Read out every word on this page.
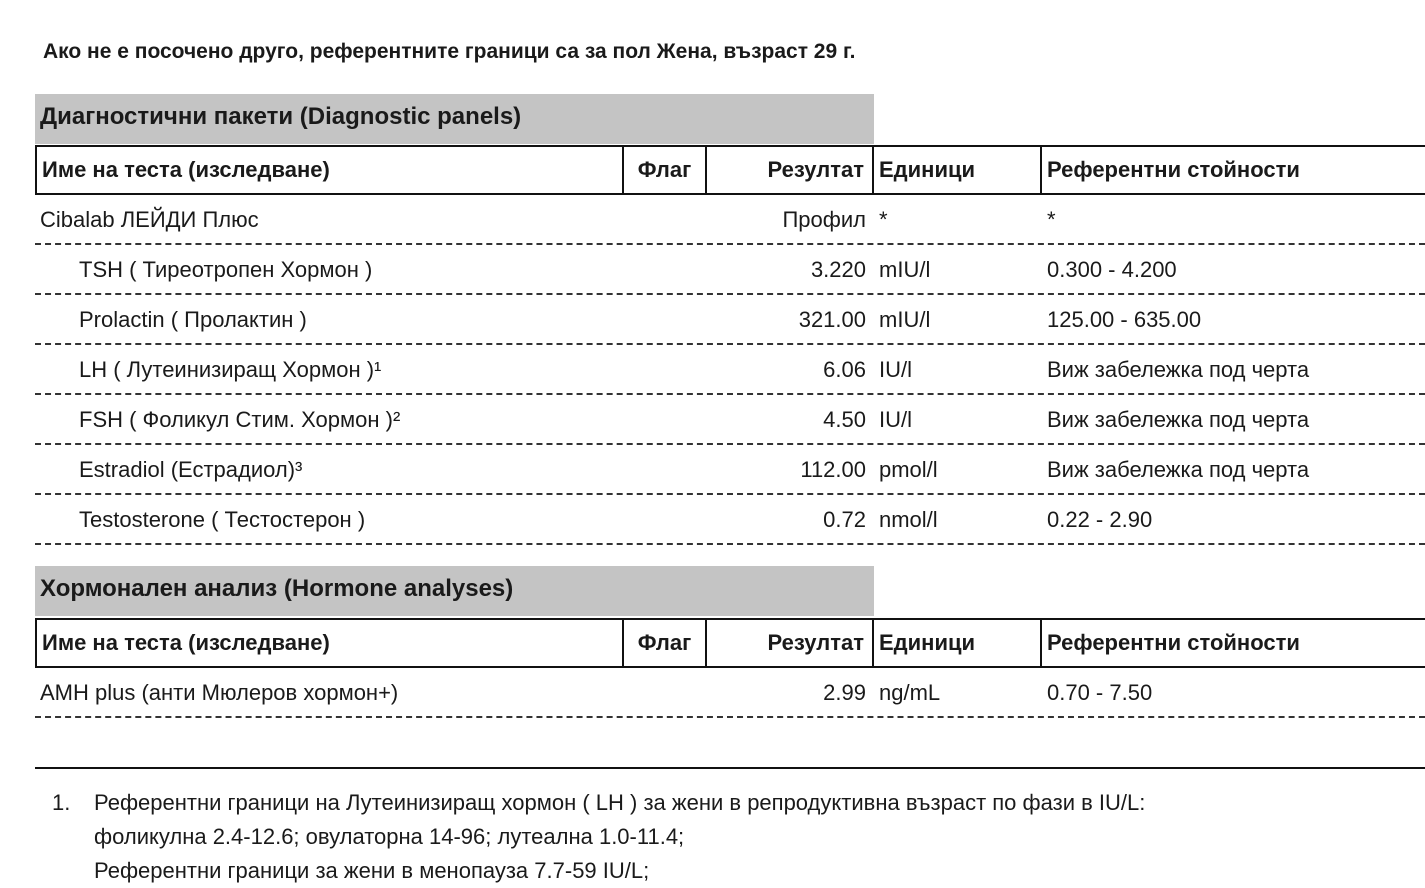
Ако не е посочено друго, референтните граници са за пол Жена, възраст 29 г.
Диагностични пакети (Diagnostic panels)
Име на теста (изследване)	Флаг	Резултат Единици	Референтни стойности
Cibalab ЛЕЙДИ Плюс	Профил *	*
TSH ( Тиреотропен Хормон )	3.220 mIU/l	0.300 - 4.200
Prolactin ( Пролактин )	321.00 mIU/l	125.00 - 635.00
LH ( Лутеинизиращ Хормон )¹	6.06 IU/l	Виж забележка под черта
FSH ( Фоликул Стим. Хормон )²	4.50 IU/l	Виж забележка под черта
Estradiol (Естрадиол)³	112.00 pmol/l	Виж забележка под черта
Testosterone ( Тестостерон )	0.72 nmol/l	0.22 - 2.90
Хормонален анализ (Hormone analyses)
Име на теста (изследване)	Флаг	Резултат Единици	Референтни стойности
AMH plus (анти Мюлеров хормон+)	2.99 ng/mL	0.70 - 7.50
1. Референтни граници на Лутеинизиращ хормон ( LH ) за жени в репродуктивна възраст по фази в IU/L:
фоликулна 2.4-12.6; овулаторна 14-96; лутеална 1.0-11.4;
Референтни граници за жени в менопауза 7.7-59 IU/L;
